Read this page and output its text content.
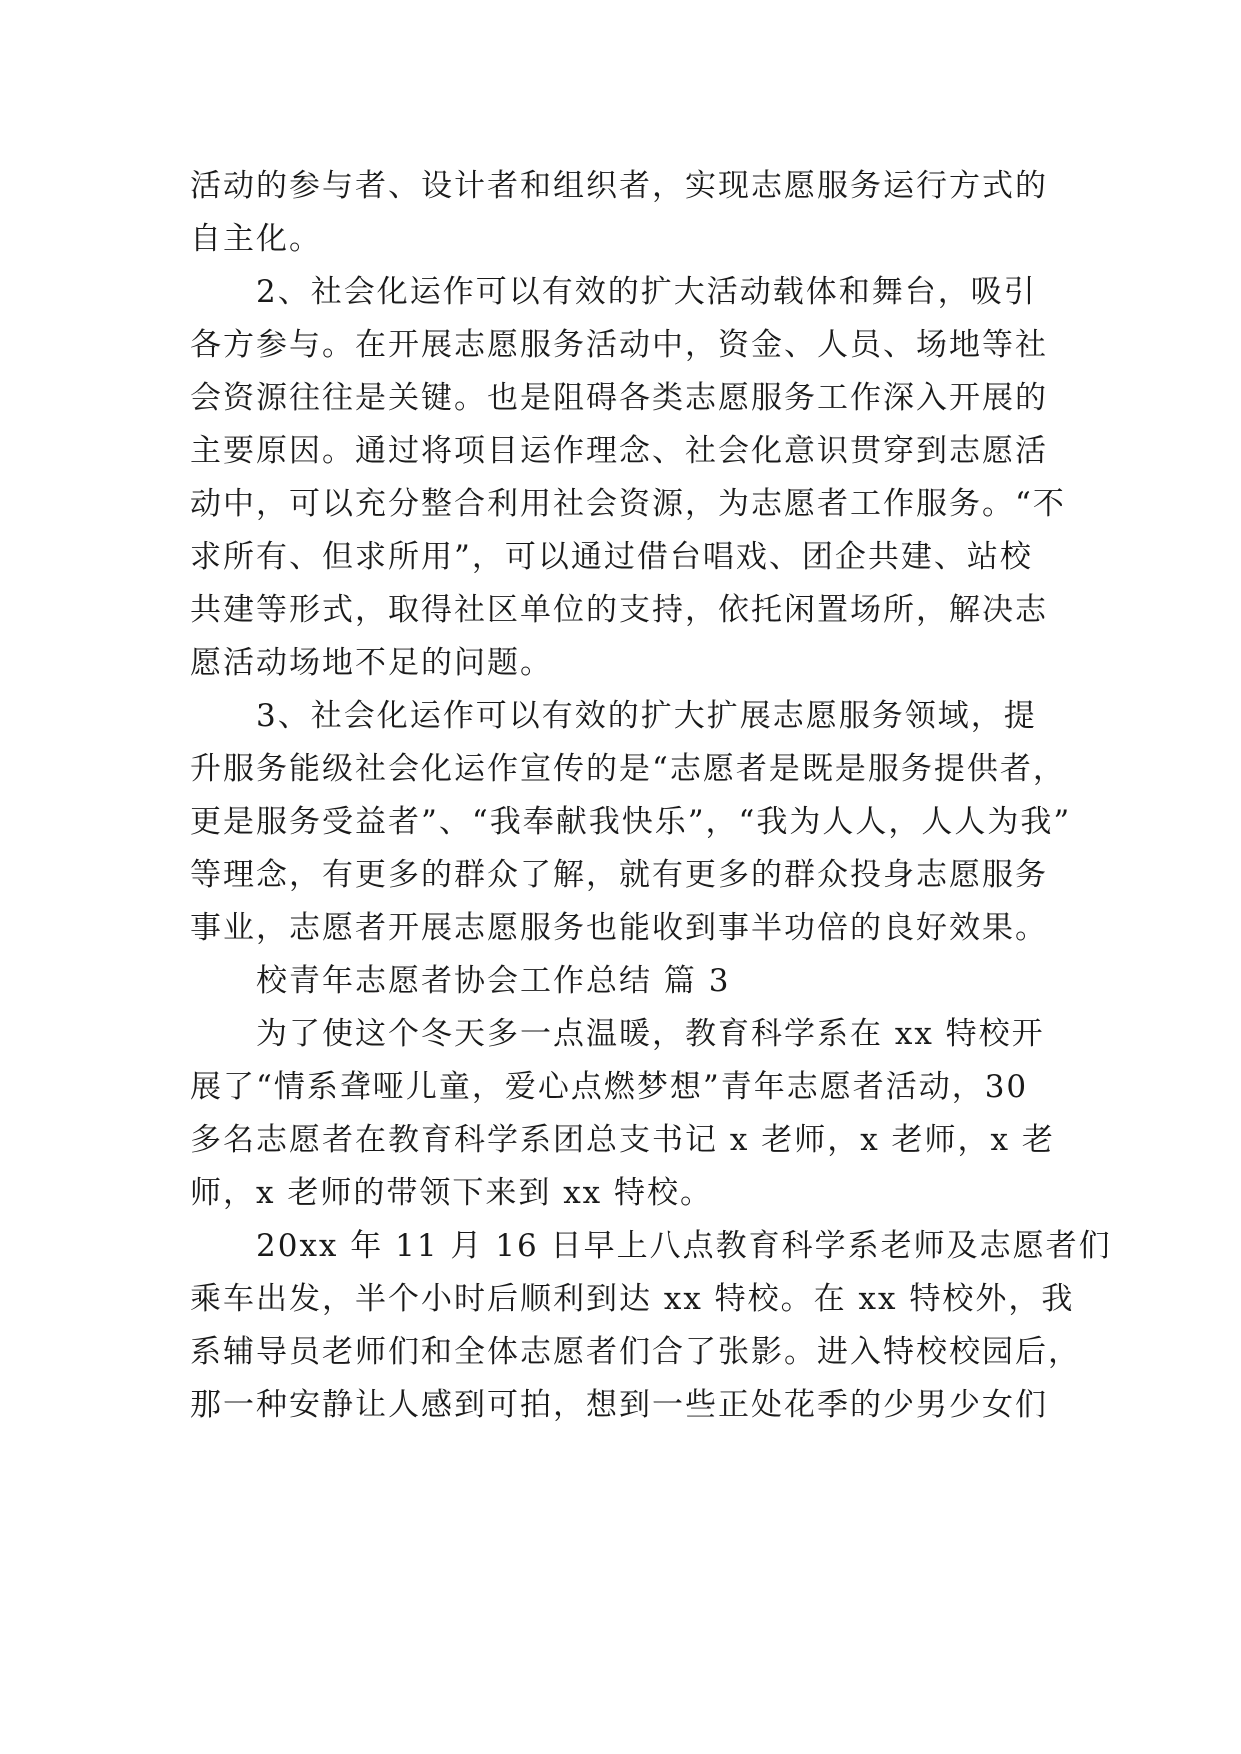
活动的参与者、设计者和组织者，实现志愿服务运行方式的
自主化。
　　2、社会化运作可以有效的扩大活动载体和舞台，吸引
各方参与。在开展志愿服务活动中，资金、人员、场地等社
会资源往往是关键。也是阻碍各类志愿服务工作深入开展的
主要原因。通过将项目运作理念、社会化意识贯穿到志愿活
动中，可以充分整合利用社会资源，为志愿者工作服务。“不
求所有、但求所用”，可以通过借台唱戏、团企共建、站校
共建等形式，取得社区单位的支持，依托闲置场所，解决志
愿活动场地不足的问题。
　　3、社会化运作可以有效的扩大扩展志愿服务领域，提
升服务能级社会化运作宣传的是“志愿者是既是服务提供者，
更是服务受益者”、“我奉献我快乐”，“我为人人，人人为我”
等理念，有更多的群众了解，就有更多的群众投身志愿服务
事业，志愿者开展志愿服务也能收到事半功倍的良好效果。
　　校青年志愿者协会工作总结 篇 3
　　为了使这个冬天多一点温暖，教育科学系在 xx 特校开
展了“情系聋哑儿童，爱心点燃梦想”青年志愿者活动，30
多名志愿者在教育科学系团总支书记 x 老师，x 老师，x 老
师，x 老师的带领下来到 xx 特校。
　　20xx 年 11 月 16 日早上八点教育科学系老师及志愿者们
乘车出发，半个小时后顺利到达 xx 特校。在 xx 特校外，我
系辅导员老师们和全体志愿者们合了张影。进入特校校园后，
那一种安静让人感到可拍，想到一些正处花季的少男少女们
